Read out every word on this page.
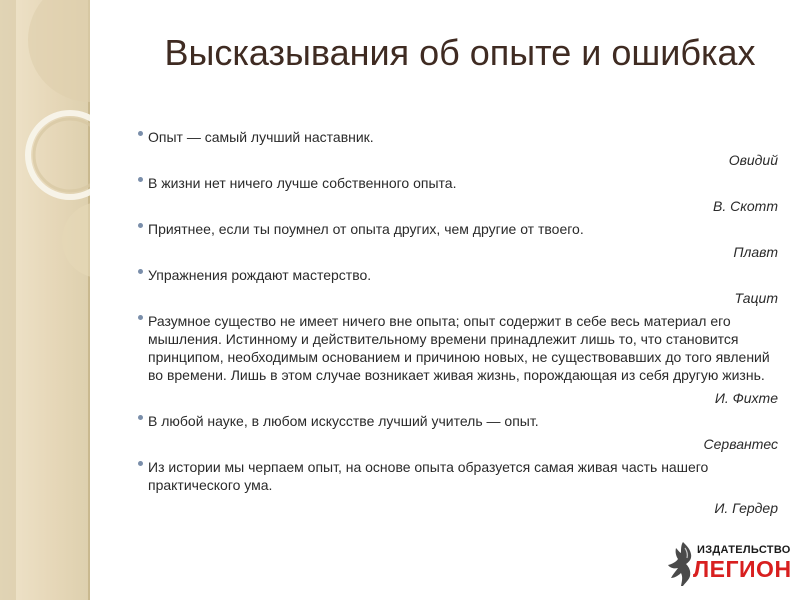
Высказывания об опыте и ошибках

Опыт — самый лучший наставник.

Овидий

В жизни нет ничего лучше собственного опыта.

В. Скотт

Приятнее, если ты поумнел от опыта других, чем другие от твоего.

Плавт

Упражнения рождают мастерство.

Тацит

Разумное существо не имеет ничего вне опыта; опыт содержит в себе весь материал его мышления. Истинному и действительному времени принадлежит лишь то, что становится принципом, необходимым основанием и причиною новых, не существовавших до того явлений во времени. Лишь в этом случае возникает живая жизнь, порождающая из себя другую жизнь.

И. Фихте

В любой науке, в любом искусстве лучший учитель — опыт.

Сервантес

Из истории мы черпаем опыт, на основе опыта образуется самая живая часть нашего практического ума.

И. Гердер
ИЗДАТЕЛЬСТВО
ЛЕГИОН
